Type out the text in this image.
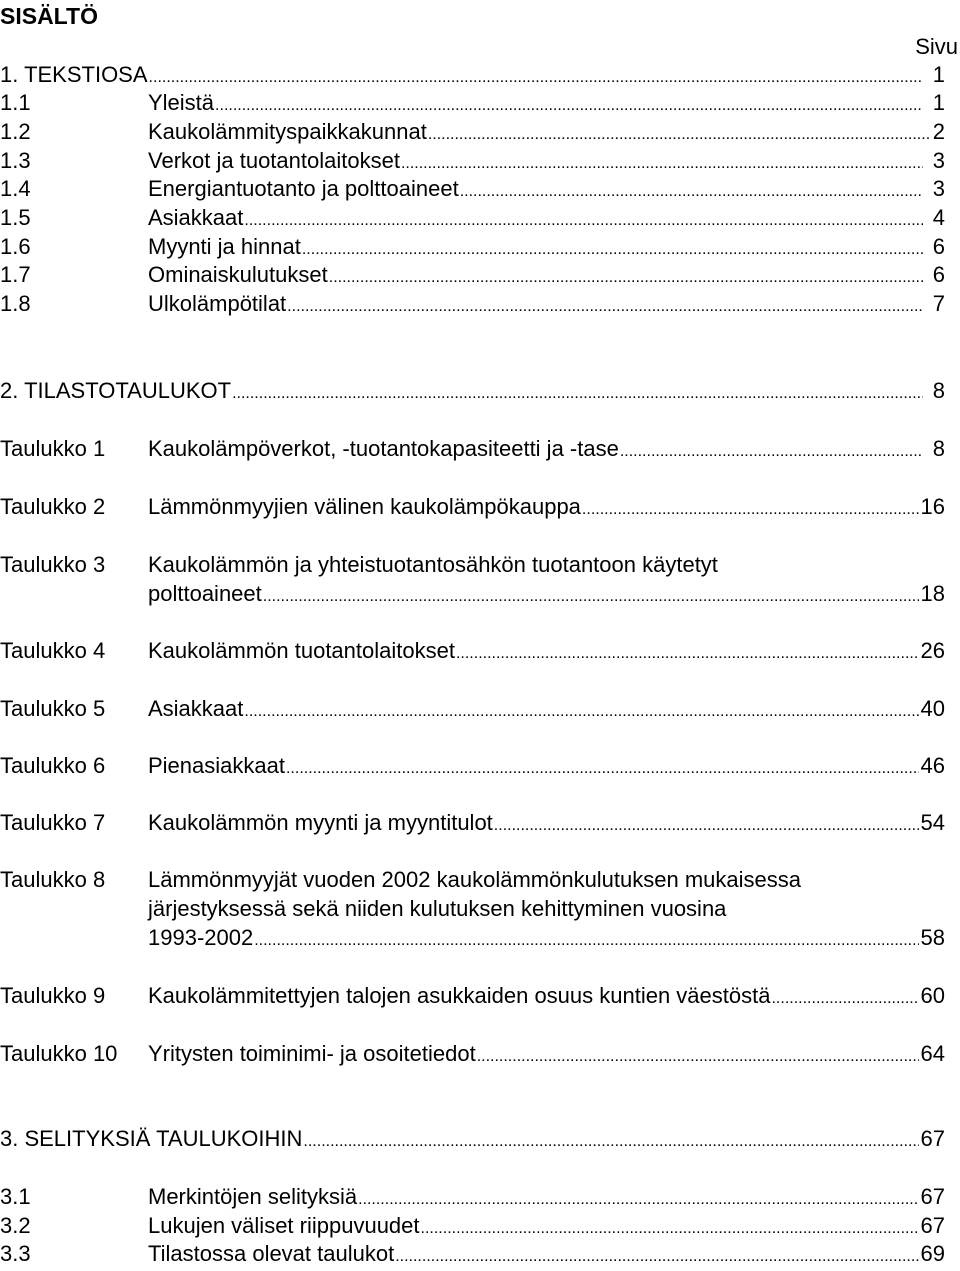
SISÄLTÖ
Sivu
1. TEKSTIOSA .....	1
1.1	Yleistä .....	1
1.2	Kaukolämmityspaikkakunnat .....	2
1.3	Verkot ja tuotantolaitokset .....	3
1.4	Energiantuotanto ja polttoaineet .....	3
1.5	Asiakkaat .....	4
1.6	Myynti ja hinnat .....	6
1.7	Ominaiskulutukset .....	6
1.8	Ulkolämpötilat .....	7
2. TILASTOTAULUKOT .....	8
Taulukko 1 Kaukolämpöverkot, -tuotantokapasiteetti ja -tase .....	8
Taulukko 2 Lämmönmyyjien välinen kaukolämpökauppa .....	16
Taulukko 3 Kaukolämmön ja yhteistuotantosähkön tuotantoon käytetyt
polttoaineet .....	18
Taulukko 4 Kaukolämmön tuotantolaitokset .....	26
Taulukko 5 Asiakkaat .....	40
Taulukko 6 Pienasiakkaat .....	46
Taulukko 7 Kaukolämmön myynti ja myyntitulot .....	54
Taulukko 8 Lämmönmyyjät vuoden 2002 kaukolämmönkulutuksen mukaisessa
järjestyksessä sekä niiden kulutuksen kehittyminen vuosina
1993-2002 .....	58
Taulukko 9 Kaukolämmitettyjen talojen asukkaiden osuus kuntien väestöstä .....	60
Taulukko 10 Yritysten toiminimi- ja osoitetiedot .....	64
3. SELITYKSIÄ TAULUKOIHIN .....	67
3.1	Merkintöjen selityksiä .....	67
3.2	Lukujen väliset riippuvuudet .....	67
3.3	Tilastossa olevat taulukot .....	69
